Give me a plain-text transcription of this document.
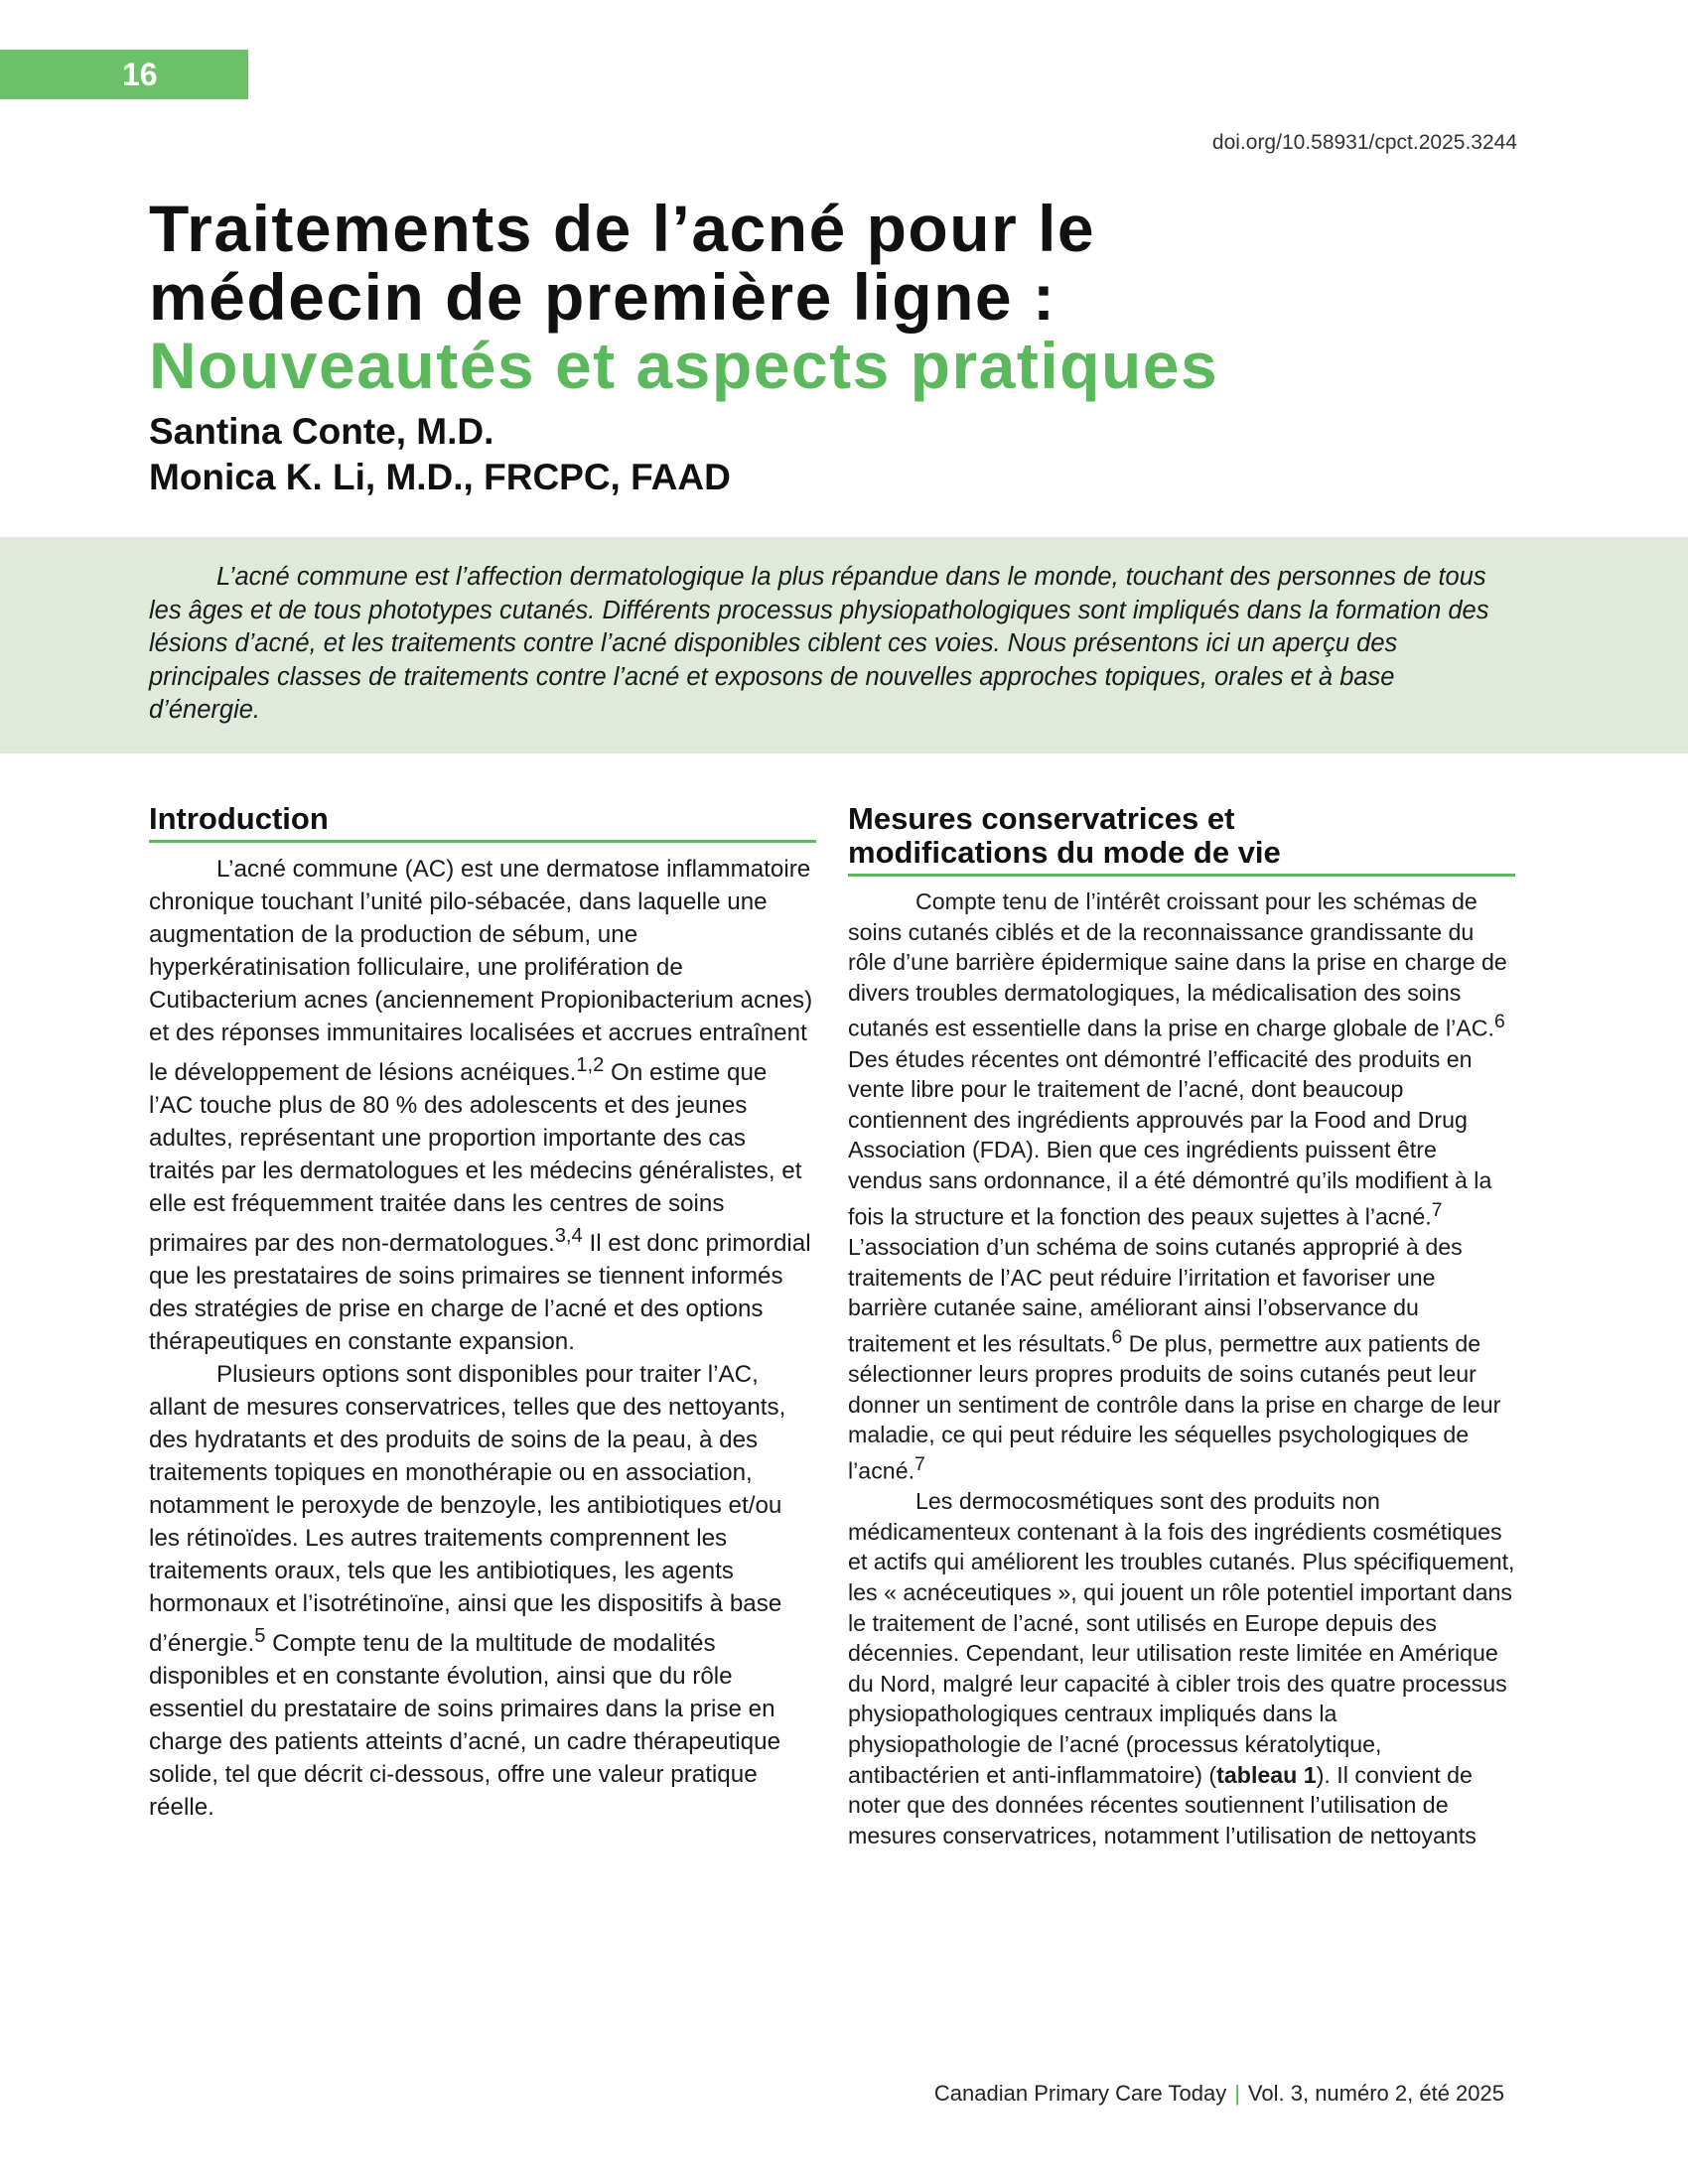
16
doi.org/10.58931/cpct.2025.3244
Traitements de l’acné pour le
médecin de première ligne :
Nouveautés et aspects pratiques
Santina Conte, M.D.
Monica K. Li, M.D., FRCPC, FAAD

L’acné commune est l’affection dermatologique la plus répandue dans le monde, touchant des personnes de tous les âges et de tous phototypes cutanés. Différents processus physiopathologiques sont impliqués dans la formation des lésions d’acné, et les traitements contre l’acné disponibles ciblent ces voies. Nous présentons ici un aperçu des principales classes de traitements contre l’acné et exposons de nouvelles approches topiques, orales et à base d’énergie.

Introduction

L’acné commune (AC) est une dermatose inflammatoire chronique touchant l’unité pilo-sébacée, dans laquelle une augmentation de la production de sébum, une hyperkératinisation folliculaire, une prolifération de Cutibacterium acnes (anciennement Propionibacterium acnes) et des réponses immunitaires localisées et accrues entraînent le développement de lésions acnéiques.$^{1,2}$ On estime que l’AC touche plus de 80 % des adolescents et des jeunes adultes, représentant une proportion importante des cas traités par les dermatologues et les médecins généralistes, et elle est fréquemment traitée dans les centres de soins primaires par des non-dermatologues.$^{3,4}$ Il est donc primordial que les prestataires de soins primaires se tiennent informés des stratégies de prise en charge de l’acné et des options thérapeutiques en constante expansion.

Plusieurs options sont disponibles pour traiter l’AC, allant de mesures conservatrices, telles que des nettoyants, des hydratants et des produits de soins de la peau, à des traitements topiques en monothérapie ou en association, notamment le peroxyde de benzoyle, les antibiotiques et/ou les rétinoïdes. Les autres traitements comprennent les traitements oraux, tels que les antibiotiques, les agents hormonaux et l’isotrétinoïne, ainsi que les dispositifs à base d’énergie.$^5$ Compte tenu de la multitude de modalités disponibles et en constante évolution, ainsi que du rôle essentiel du prestataire de soins primaires dans la prise en charge des patients atteints d’acné, un cadre thérapeutique solide, tel que décrit ci-dessous, offre une valeur pratique réelle.

Mesures conservatrices et
modifications du mode de vie

Compte tenu de l’intérêt croissant pour les schémas de soins cutanés ciblés et de la reconnaissance grandissante du rôle d’une barrière épidermique saine dans la prise en charge de divers troubles dermatologiques, la médicalisation des soins cutanés est essentielle dans la prise en charge globale de l’AC.$^6$ Des études récentes ont démontré l’efficacité des produits en vente libre pour le traitement de l’acné, dont beaucoup contiennent des ingrédients approuvés par la Food and Drug Association (FDA). Bien que ces ingrédients puissent être vendus sans ordonnance, il a été démontré qu’ils modifient à la fois la structure et la fonction des peaux sujettes à l’acné.$^7$ L’association d’un schéma de soins cutanés approprié à des traitements de l’AC peut réduire l’irritation et favoriser une barrière cutanée saine, améliorant ainsi l’observance du traitement et les résultats.$^6$ De plus, permettre aux patients de sélectionner leurs propres produits de soins cutanés peut leur donner un sentiment de contrôle dans la prise en charge de leur maladie, ce qui peut réduire les séquelles psychologiques de l’acné.$^7$

Les dermocosmétiques sont des produits non médicamenteux contenant à la fois des ingrédients cosmétiques et actifs qui améliorent les troubles cutanés. Plus spécifiquement, les « acnéceutiques », qui jouent un rôle potentiel important dans le traitement de l’acné, sont utilisés en Europe depuis des décennies. Cependant, leur utilisation reste limitée en Amérique du Nord, malgré leur capacité à cibler trois des quatre processus physiopathologiques centraux impliqués dans la physiopathologie de l’acné (processus kératolytique, antibactérien et anti-inflammatoire) (tableau 1). Il convient de noter que des données récentes soutiennent l’utilisation de mesures conservatrices, notamment l’utilisation de nettoyants

Canadian Primary Care Today | Vol. 3, numéro 2, été 2025
